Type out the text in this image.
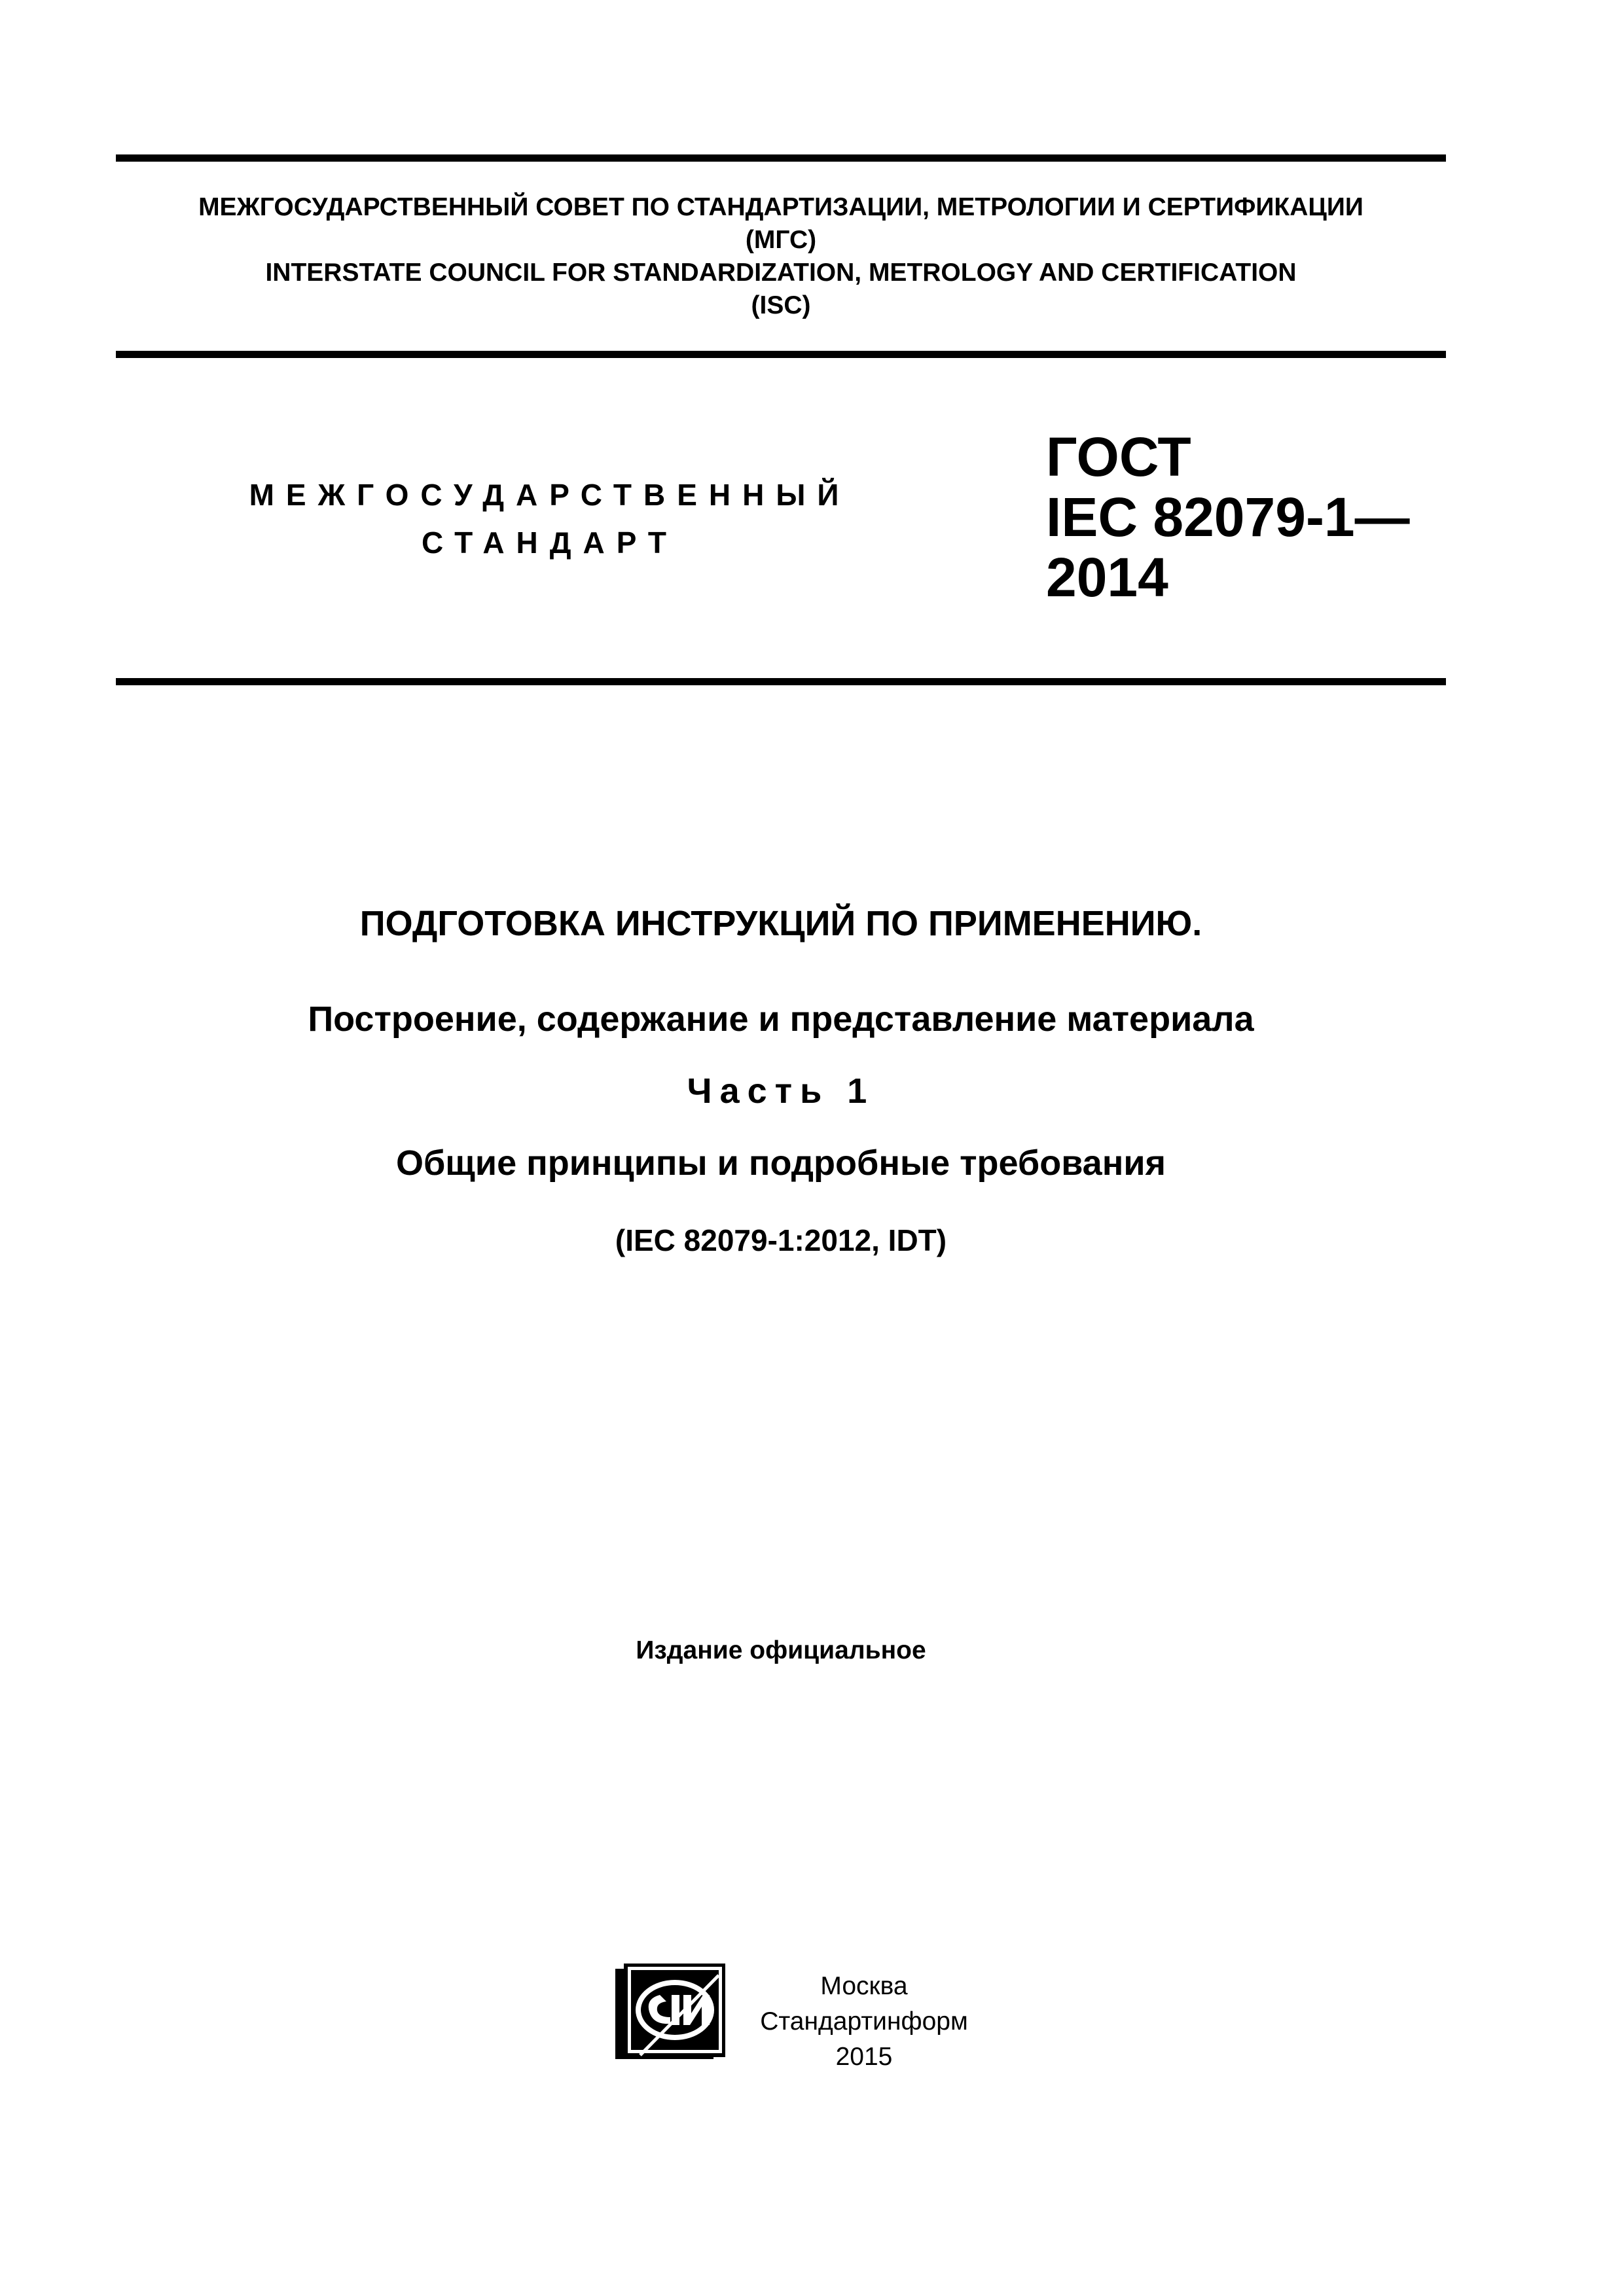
МЕЖГОСУДАРСТВЕННЫЙ СОВЕТ ПО СТАНДАРТИЗАЦИИ, МЕТРОЛОГИИ И СЕРТИФИКАЦИИ
(МГС)
INTERSTATE COUNCIL FOR STANDARDIZATION, METROLOGY AND CERTIFICATION
(ISC)
МЕЖГОСУДАРСТВЕННЫЙ
СТАНДАРТ
ГОСТ
IEC 82079-1—
2014
ПОДГОТОВКА ИНСТРУКЦИЙ ПО ПРИМЕНЕНИЮ.
Построение, содержание и представление материала
Часть 1
Общие принципы и подробные требования
(IEC 82079-1:2012, IDT)
Издание официальное
Москва
Стандартинформ
2015
